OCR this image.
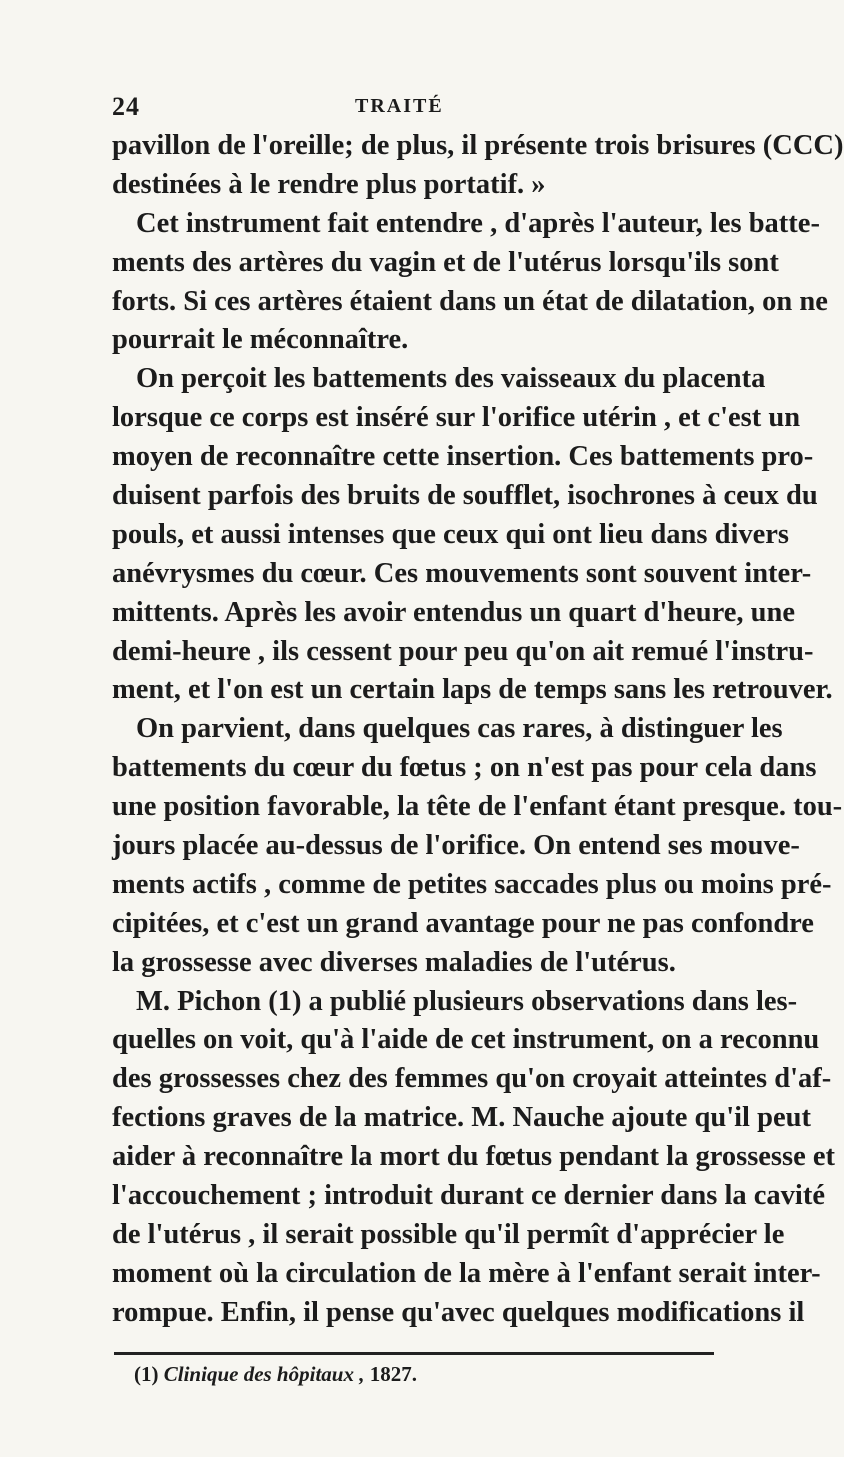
24	TRAITÉ
pavillon de l'oreille; de plus, il présente trois brisures (CCC)
destinées à le rendre plus portatif. »
Cet instrument fait entendre , d'après l'auteur, les batte-
ments des artères du vagin et de l'utérus lorsqu'ils sont
forts. Si ces artères étaient dans un état de dilatation, on ne
pourrait le méconnaître.
On perçoit les battements des vaisseaux du placenta
lorsque ce corps est inséré sur l'orifice utérin , et c'est un
moyen de reconnaître cette insertion. Ces battements pro-
duisent parfois des bruits de soufflet, isochrones à ceux du
pouls, et aussi intenses que ceux qui ont lieu dans divers
anévrysmes du cœur. Ces mouvements sont souvent inter-
mittents. Après les avoir entendus un quart d'heure, une
demi-heure , ils cessent pour peu qu'on ait remué l'instru-
ment, et l'on est un certain laps de temps sans les retrouver.
On parvient, dans quelques cas rares, à distinguer les
battements du cœur du fœtus ; on n'est pas pour cela dans
une position favorable, la tête de l'enfant étant presque. tou-
jours placée au-dessus de l'orifice. On entend ses mouve-
ments actifs , comme de petites saccades plus ou moins pré-
cipitées, et c'est un grand avantage pour ne pas confondre
la grossesse avec diverses maladies de l'utérus.
M. Pichon (1) a publié plusieurs observations dans les-
quelles on voit, qu'à l'aide de cet instrument, on a reconnu
des grossesses chez des femmes qu'on croyait atteintes d'af-
fections graves de la matrice. M. Nauche ajoute qu'il peut
aider à reconnaître la mort du fœtus pendant la grossesse et
l'accouchement ; introduit durant ce dernier dans la cavité
de l'utérus , il serait possible qu'il permît d'apprécier le
moment où la circulation de la mère à l'enfant serait inter-
rompue. Enfin, il pense qu'avec quelques modifications il
(1) Clinique des hôpitaux , 1827.
